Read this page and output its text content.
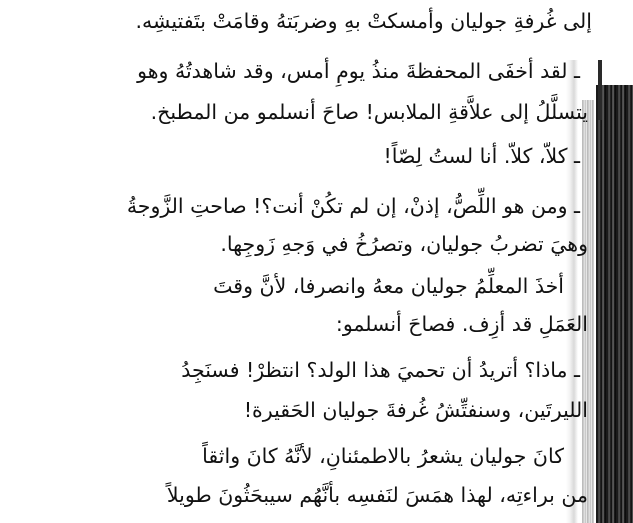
إلى غُرفةِ جوليان وأمسكتْ بهِ وضربَتهُ وقامَتْ بتَفتيشِه.
ـ لقد أخفَى المحفظةَ منذُ يومِ أمس، وقد شاهدتُهُ وهو
يتسلَّلُ إلى علاَّقةِ الملابس! صاحَ أنسلمو من المطبخ.
ـ كلاّ، كلاّ. أنا لستُ لِصّاً!
ـ ومن هو اللِّصُّ، إذنْ، إن لم تكُنْ أنت؟! صاحتِ الزَّوجةُ
وهيَ تضربُ جوليان، وتصرُخُ في وَجهِ زَوجِها.
أخذَ المعلِّمُ جوليان معهُ وانصرفا، لأنَّ وقتَ
العَمَلِ قد أزِف. فصاحَ أنسلمو:
ـ ماذا؟ أتريدُ أن تحميَ هذا الولد؟ انتظرْ! فسنَجِدُ
الليرتَين، وسنفتِّشُ غُرفةَ جوليان الحَقيرة!
كانَ جوليان يشعرُ بالاطمئنانِ، لأنَّهُ كانَ واثقاً
من براءتِه، لهذا همَسَ لنَفسِه بأنَّهُم سيبحَثُونَ طويلاً
